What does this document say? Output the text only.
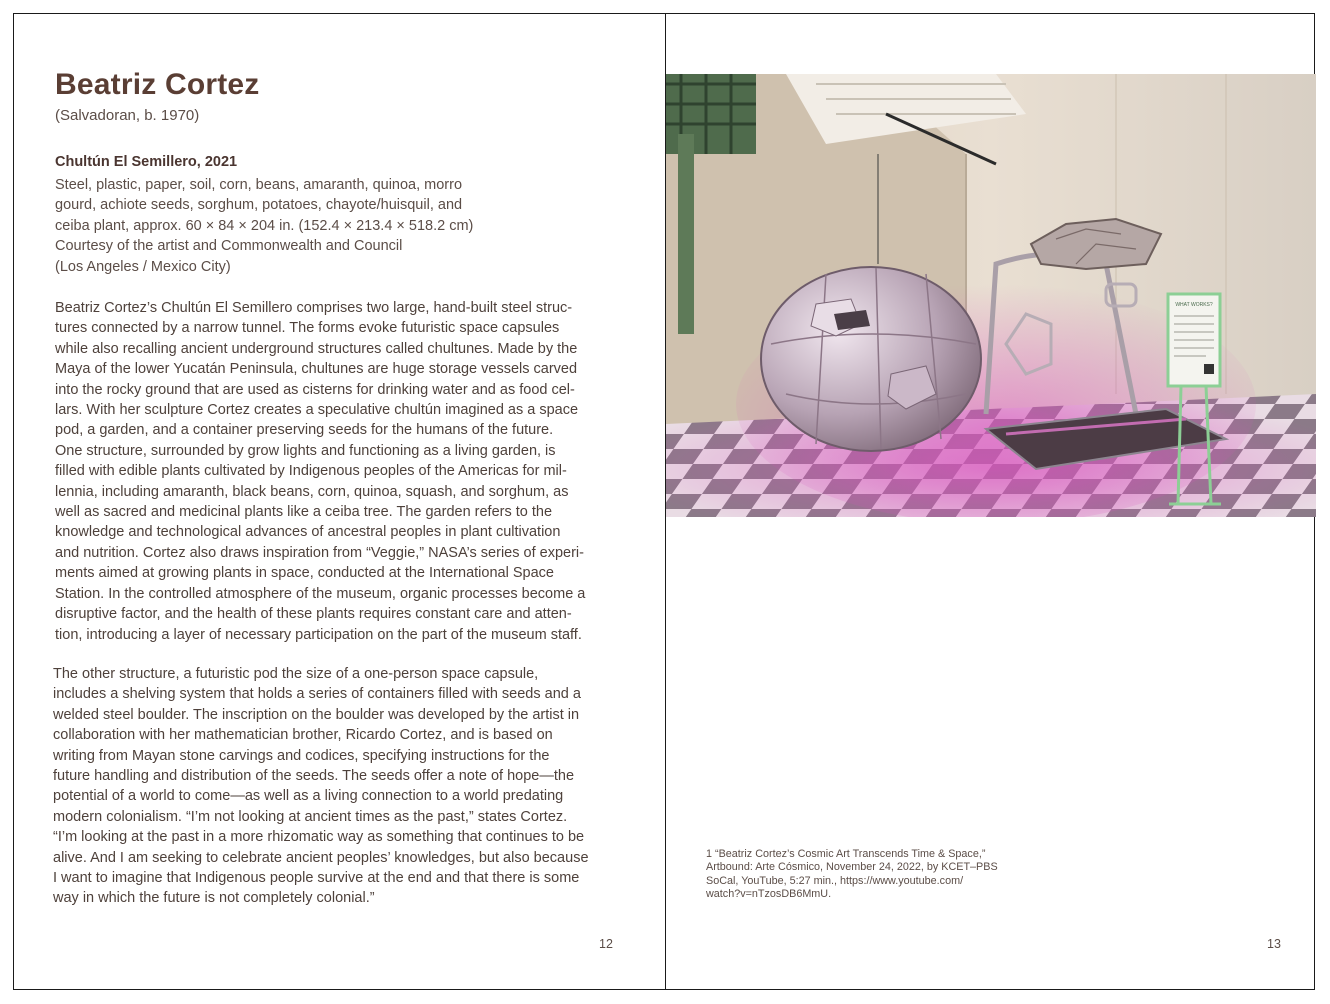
Beatriz Cortez
(Salvadoran, b. 1970)
Chultún El Semillero, 2021
Steel, plastic, paper, soil, corn, beans, amaranth, quinoa, morro
gourd, achiote seeds, sorghum, potatoes, chayote/huisquil, and
ceiba plant, approx. 60 × 84 × 204 in. (152.4 × 213.4 × 518.2 cm)
Courtesy of the artist and Commonwealth and Council
(Los Angeles / Mexico City)
Beatriz Cortez’s Chultún El Semillero comprises two large, hand-built steel struc-
tures connected by a narrow tunnel. The forms evoke futuristic space capsules
while also recalling ancient underground structures called chultunes. Made by the
Maya of the lower Yucatán Peninsula, chultunes are huge storage vessels carved
into the rocky ground that are used as cisterns for drinking water and as food cel-
lars. With her sculpture Cortez creates a speculative chultún imagined as a space
pod, a garden, and a container preserving seeds for the humans of the future.
One structure, surrounded by grow lights and functioning as a living garden, is
filled with edible plants cultivated by Indigenous peoples of the Americas for mil-
lennia, including amaranth, black beans, corn, quinoa, squash, and sorghum, as
well as sacred and medicinal plants like a ceiba tree. The garden refers to the
knowledge and technological advances of ancestral peoples in plant cultivation
and nutrition. Cortez also draws inspiration from “Veggie,” NASA’s series of experi-
ments aimed at growing plants in space, conducted at the International Space
Station. In the controlled atmosphere of the museum, organic processes become a
disruptive factor, and the health of these plants requires constant care and atten-
tion, introducing a layer of necessary participation on the part of the museum staff.
The other structure, a futuristic pod the size of a one-person space capsule,
includes a shelving system that holds a series of containers filled with seeds and a
welded steel boulder. The inscription on the boulder was developed by the artist in
collaboration with her mathematician brother, Ricardo Cortez, and is based on
writing from Mayan stone carvings and codices, specifying instructions for the
future handling and distribution of the seeds. The seeds offer a note of hope—the
potential of a world to come—as well as a living connection to a world predating
modern colonialism. “I’m not looking at ancient times as the past,” states Cortez.
“I’m looking at the past in a more rhizomatic way as something that continues to be
alive. And I am seeking to celebrate ancient peoples’ knowledges, but also because
I want to imagine that Indigenous people survive at the end and that there is some
way in which the future is not completely colonial.”
12
WHAT WORKS?
1 “Beatriz Cortez’s Cosmic Art Transcends Time & Space,”
Artbound: Arte Cósmico, November 24, 2022, by KCET–PBS
SoCal, YouTube, 5:27 min., https://www.youtube.com/
watch?v=nTzosDB6MmU.
13
